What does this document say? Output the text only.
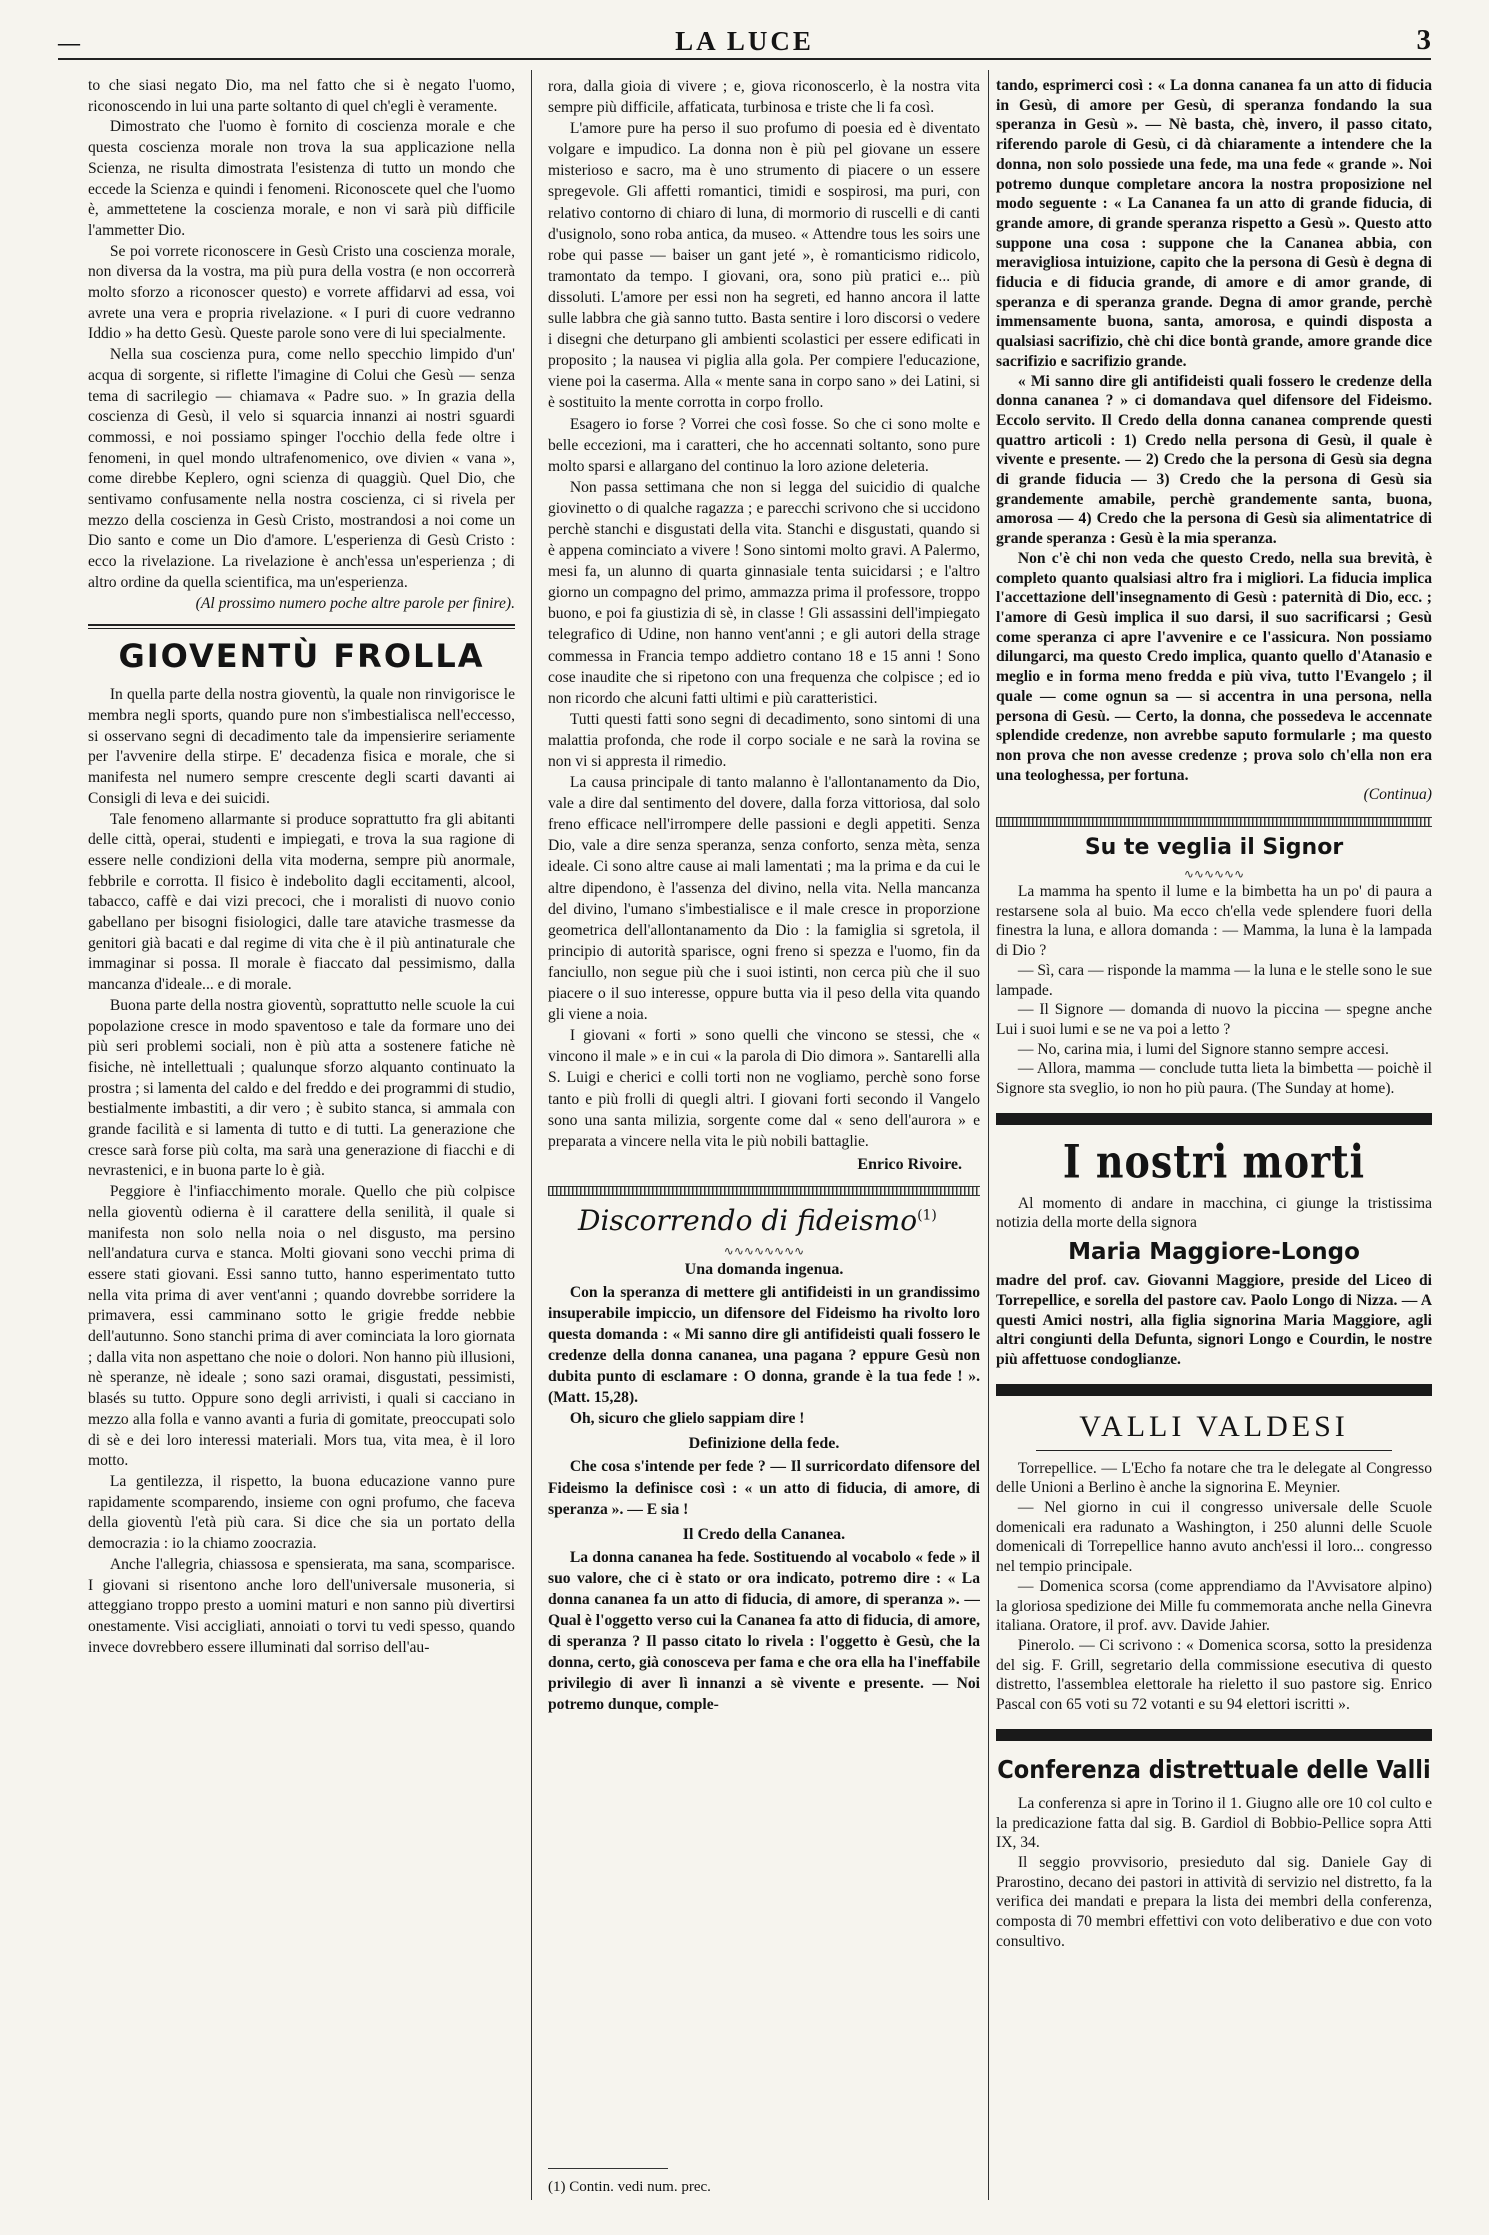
—	LA LUCE	3

to che siasi negato Dio, ma nel fatto che si è negato l'uomo, riconoscendo in lui una parte soltanto di quel ch'egli è veramente.

Dimostrato che l'uomo è fornito di coscienza morale e che questa coscienza morale non trova la sua applicazione nella Scienza, ne risulta dimostrata l'esistenza di tutto un mondo che eccede la Scienza e quindi i fenomeni. Riconoscete quel che l'uomo è, ammettetene la coscienza morale, e non vi sarà più difficile l'ammetter Dio.

Se poi vorrete riconoscere in Gesù Cristo una coscienza morale, non diversa da la vostra, ma più pura della vostra (e non occorrerà molto sforzo a riconoscer questo) e vorrete affidarvi ad essa, voi avrete una vera e propria rivelazione. « I puri di cuore vedranno Iddio » ha detto Gesù. Queste parole sono vere di lui specialmente.

Nella sua coscienza pura, come nello specchio limpido d'un' acqua di sorgente, si riflette l'imagine di Colui che Gesù — senza tema di sacrilegio — chiamava « Padre suo. » In grazia della coscienza di Gesù, il velo si squarcia innanzi ai nostri sguardi commossi, e noi possiamo spinger l'occhio della fede oltre i fenomeni, in quel mondo ultrafenomenico, ove divien « vana », come direbbe Keplero, ogni scienza di quaggiù. Quel Dio, che sentivamo confusamente nella nostra coscienza, ci si rivela per mezzo della coscienza in Gesù Cristo, mostrandosi a noi come un Dio santo e come un Dio d'amore. L'esperienza di Gesù Cristo : ecco la rivelazione. La rivelazione è anch'essa un'esperienza ; di altro ordine da quella scientifica, ma un'esperienza.

(Al prossimo numero poche altre parole per finire).

GIOVENTÙ FROLLA

In quella parte della nostra gioventù, la quale non rinvigorisce le membra negli sports, quando pure non s'imbestialisca nell'eccesso, si osservano segni di decadimento tale da impensierire seriamente per l'avvenire della stirpe. E' decadenza fisica e morale, che si manifesta nel numero sempre crescente degli scarti davanti ai Consigli di leva e dei suicidi.

Tale fenomeno allarmante si produce soprattutto fra gli abitanti delle città, operai, studenti e impiegati, e trova la sua ragione di essere nelle condizioni della vita moderna, sempre più anormale, febbrile e corrotta. Il fisico è indebolito dagli eccitamenti, alcool, tabacco, caffè e dai vizi precoci, che i moralisti di nuovo conio gabellano per bisogni fisiologici, dalle tare ataviche trasmesse da genitori già bacati e dal regime di vita che è il più antinaturale che immaginar si possa. Il morale è fiaccato dal pessimismo, dalla mancanza d'ideale... e di morale.

Buona parte della nostra gioventù, soprattutto nelle scuole la cui popolazione cresce in modo spaventoso e tale da formare uno dei più seri problemi sociali, non è più atta a sostenere fatiche nè fisiche, nè intellettuali ; qualunque sforzo alquanto continuato la prostra ; si lamenta del caldo e del freddo e dei programmi di studio, bestialmente imbastiti, a dir vero ; è subito stanca, si ammala con grande facilità e si lamenta di tutto e di tutti. La generazione che cresce sarà forse più colta, ma sarà una generazione di fiacchi e di nevrastenici, e in buona parte lo è già.

Peggiore è l'infiacchimento morale. Quello che più colpisce nella gioventù odierna è il carattere della senilità, il quale si manifesta non solo nella noia o nel disgusto, ma persino nell'andatura curva e stanca. Molti giovani sono vecchi prima di essere stati giovani. Essi sanno tutto, hanno esperimentato tutto nella vita prima di aver vent'anni ; quando dovrebbe sorridere la primavera, essi camminano sotto le grigie fredde nebbie dell'autunno. Sono stanchi prima di aver cominciata la loro giornata ; dalla vita non aspettano che noie o dolori. Non hanno più illusioni, nè speranze, nè ideale ; sono sazi oramai, disgustati, pessimisti, blasés su tutto. Oppure sono degli arrivisti, i quali si cacciano in mezzo alla folla e vanno avanti a furia di gomitate, preoccupati solo di sè e dei loro interessi materiali. Mors tua, vita mea, è il loro motto.

La gentilezza, il rispetto, la buona educazione vanno pure rapidamente scomparendo, insieme con ogni profumo, che faceva della gioventù l'età più cara. Si dice che sia un portato della democrazia : io la chiamo zoocrazia.

Anche l'allegria, chiassosa e spensierata, ma sana, scomparisce. I giovani si risentono anche loro dell'universale musoneria, si atteggiano troppo presto a uomini maturi e non sanno più divertirsi onestamente. Visi accigliati, annoiati o torvi tu vedi spesso, quando invece dovrebbero essere illuminati dal sorriso dell'au-

rora, dalla gioia di vivere ; e, giova riconoscerlo, è la nostra vita sempre più difficile, affaticata, turbinosa e triste che li fa così.

L'amore pure ha perso il suo profumo di poesia ed è diventato volgare e impudico. La donna non è più pel giovane un essere misterioso e sacro, ma è uno strumento di piacere o un essere spregevole. Gli affetti romantici, timidi e sospirosi, ma puri, con relativo contorno di chiaro di luna, di mormorio di ruscelli e di canti d'usignolo, sono roba antica, da museo. « Attendre tous les soirs une robe qui passe — baiser un gant jeté », è romanticismo ridicolo, tramontato da tempo. I giovani, ora, sono più pratici e... più dissoluti. L'amore per essi non ha segreti, ed hanno ancora il latte sulle labbra che già sanno tutto. Basta sentire i loro discorsi o vedere i disegni che deturpano gli ambienti scolastici per essere edificati in proposito ; la nausea vi piglia alla gola. Per compiere l'educazione, viene poi la caserma. Alla « mente sana in corpo sano » dei Latini, si è sostituito la mente corrotta in corpo frollo.

Esagero io forse ? Vorrei che così fosse. So che ci sono molte e belle eccezioni, ma i caratteri, che ho accennati soltanto, sono pure molto sparsi e allargano del continuo la loro azione deleteria.

Non passa settimana che non si legga del suicidio di qualche giovinetto o di qualche ragazza ; e parecchi scrivono che si uccidono perchè stanchi e disgustati della vita. Stanchi e disgustati, quando si è appena cominciato a vivere ! Sono sintomi molto gravi. A Palermo, mesi fa, un alunno di quarta ginnasiale tenta suicidarsi ; e l'altro giorno un compagno del primo, ammazza prima il professore, troppo buono, e poi fa giustizia di sè, in classe ! Gli assassini dell'impiegato telegrafico di Udine, non hanno vent'anni ; e gli autori della strage commessa in Francia tempo addietro contano 18 e 15 anni ! Sono cose inaudite che si ripetono con una frequenza che colpisce ; ed io non ricordo che alcuni fatti ultimi e più caratteristici.

Tutti questi fatti sono segni di decadimento, sono sintomi di una malattia profonda, che rode il corpo sociale e ne sarà la rovina se non vi si appresta il rimedio.

La causa principale di tanto malanno è l'allontanamento da Dio, vale a dire dal sentimento del dovere, dalla forza vittoriosa, dal solo freno efficace nell'irrompere delle passioni e degli appetiti. Senza Dio, vale a dire senza speranza, senza conforto, senza mèta, senza ideale. Ci sono altre cause ai mali lamentati ; ma la prima e da cui le altre dipendono, è l'assenza del divino, nella vita. Nella mancanza del divino, l'umano s'imbestialisce e il male cresce in proporzione geometrica dell'allontanamento da Dio : la famiglia si sgretola, il principio di autorità sparisce, ogni freno si spezza e l'uomo, fin da fanciullo, non segue più che i suoi istinti, non cerca più che il suo piacere o il suo interesse, oppure butta via il peso della vita quando gli viene a noia.

I giovani « forti » sono quelli che vincono se stessi, che « vincono il male » e in cui « la parola di Dio dimora ». Santarelli alla S. Luigi e cherici e colli torti non ne vogliamo, perchè sono forse tanto e più frolli di quegli altri. I giovani forti secondo il Vangelo sono una santa milizia, sorgente come dal « seno dell'aurora » e preparata a vincere nella vita le più nobili battaglie.

Enrico Rivoire.
Discorrendo di fideismo$^{(1)}$
∿∿∿∿∿∿∿∿
Una domanda ingenua.

Con la speranza di mettere gli antifideisti in un grandissimo insuperabile impiccio, un difensore del Fideismo ha rivolto loro questa domanda : « Mi sanno dire gli antifideisti quali fossero le credenze della donna cananea, una pagana ? eppure Gesù non dubita punto di esclamare : O donna, grande è la tua fede ! ». (Matt. 15,28).

Oh, sicuro che glielo sappiam dire !

Definizione della fede.

Che cosa s'intende per fede ? — Il surricordato difensore del Fideismo la definisce così : « un atto di fiducia, di amore, di speranza ». — E sia !

Il Credo della Cananea.

La donna cananea ha fede. Sostituendo al vocabolo « fede » il suo valore, che ci è stato or ora indicato, potremo dire : « La donna cananea fa un atto di fiducia, di amore, di speranza ». — Qual è l'oggetto verso cui la Cananea fa atto di fiducia, di amore, di speranza ? Il passo citato lo rivela : l'oggetto è Gesù, che la donna, certo, già conosceva per fama e che ora ella ha l'ineffabile privilegio di aver lì innanzi a sè vivente e presente. — Noi potremo dunque, comple-

(1) Contin. vedi num. prec.

tando, esprimerci così : « La donna cananea fa un atto di fiducia in Gesù, di amore per Gesù, di speranza fondando la sua speranza in Gesù ». — Nè basta, chè, invero, il passo citato, riferendo parole di Gesù, ci dà chiaramente a intendere che la donna, non solo possiede una fede, ma una fede « grande ». Noi potremo dunque completare ancora la nostra proposizione nel modo seguente : « La Cananea fa un atto di grande fiducia, di grande amore, di grande speranza rispetto a Gesù ». Questo atto suppone una cosa : suppone che la Cananea abbia, con meravigliosa intuizione, capito che la persona di Gesù è degna di fiducia e di fiducia grande, di amore e di amor grande, di speranza e di speranza grande. Degna di amor grande, perchè immensamente buona, santa, amorosa, e quindi disposta a qualsiasi sacrifizio, chè chi dice bontà grande, amore grande dice sacrifizio e sacrifizio grande.

« Mi sanno dire gli antifideisti quali fossero le credenze della donna cananea ? » ci domandava quel difensore del Fideismo. Eccolo servito. Il Credo della donna cananea comprende questi quattro articoli : 1) Credo nella persona di Gesù, il quale è vivente e presente. — 2) Credo che la persona di Gesù sia degna di grande fiducia — 3) Credo che la persona di Gesù sia grandemente amabile, perchè grandemente santa, buona, amorosa — 4) Credo che la persona di Gesù sia alimentatrice di grande speranza : Gesù è la mia speranza.

Non c'è chi non veda che questo Credo, nella sua brevità, è completo quanto qualsiasi altro fra i migliori. La fiducia implica l'accettazione dell'insegnamento di Gesù : paternità di Dio, ecc. ; l'amore di Gesù implica il suo darsi, il suo sacrificarsi ; Gesù come speranza ci apre l'avvenire e ce l'assicura. Non possiamo dilungarci, ma questo Credo implica, quanto quello d'Atanasio e meglio e in forma meno fredda e più viva, tutto l'Evangelo ; il quale — come ognun sa — si accentra in una persona, nella persona di Gesù. — Certo, la donna, che possedeva le accennate splendide credenze, non avrebbe saputo formularle ; ma questo non prova che non avesse credenze ; prova solo ch'ella non era una teologhessa, per fortuna.

(Continua)

Su te veglia il Signor
∿∿∿∿∿∿

La mamma ha spento il lume e la bimbetta ha un po' di paura a restarsene sola al buio. Ma ecco ch'ella vede splendere fuori della finestra la luna, e allora domanda : — Mamma, la luna è la lampada di Dio ?

— Sì, cara — risponde la mamma — la luna e le stelle sono le sue lampade.

— Il Signore — domanda di nuovo la piccina — spegne anche Lui i suoi lumi e se ne va poi a letto ?

— No, carina mia, i lumi del Signore stanno sempre accesi.

— Allora, mamma — conclude tutta lieta la bimbetta — poichè il Signore sta sveglio, io non ho più paura. (The Sunday at home).

I nostri morti

Al momento di andare in macchina, ci giunge la tristissima notizia della morte della signora

Maria Maggiore-Longo

madre del prof. cav. Giovanni Maggiore, preside del Liceo di Torrepellice, e sorella del pastore cav. Paolo Longo di Nizza. — A questi Amici nostri, alla figlia signorina Maria Maggiore, agli altri congiunti della Defunta, signori Longo e Courdin, le nostre più affettuose condoglianze.

VALLI VALDESI

Torrepellice. — L'Echo fa notare che tra le delegate al Congresso delle Unioni a Berlino è anche la signorina E. Meynier.

— Nel giorno in cui il congresso universale delle Scuole domenicali era radunato a Washington, i 250 alunni delle Scuole domenicali di Torrepellice hanno avuto anch'essi il loro... congresso nel tempio principale.

— Domenica scorsa (come apprendiamo da l'Avvisatore alpino) la gloriosa spedizione dei Mille fu commemorata anche nella Ginevra italiana. Oratore, il prof. avv. Davide Jahier.

Pinerolo. — Ci scrivono : « Domenica scorsa, sotto la presidenza del sig. F. Grill, segretario della commissione esecutiva di questo distretto, l'assemblea elettorale ha rieletto il suo pastore sig. Enrico Pascal con 65 voti su 72 votanti e su 94 elettori iscritti ».

Conferenza distrettuale delle Valli

La conferenza si apre in Torino il 1. Giugno alle ore 10 col culto e la predicazione fatta dal sig. B. Gardiol di Bobbio-Pellice sopra Atti IX, 34.

Il seggio provvisorio, presieduto dal sig. Daniele Gay di Prarostino, decano dei pastori in attività di servizio nel distretto, fa la verifica dei mandati e prepara la lista dei membri della conferenza, composta di 70 membri effettivi con voto deliberativo e due con voto consultivo.
